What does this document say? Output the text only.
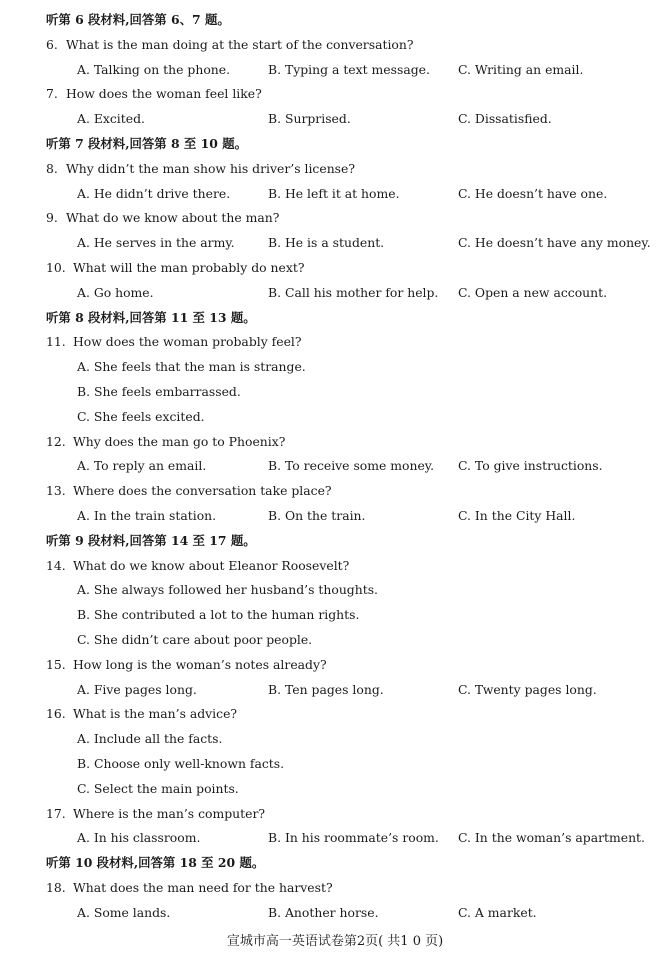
听第 6 段材料,回答第 6、7 题。
6. What is the man doing at the start of the conversation?
A. Talking on the phone.	B. Typing a text message. C. Writing an email.
7. How does the woman feel like?
A. Excited.	B. Surprised.	C. Dissatisfied.
听第 7 段材料,回答第 8 至 10 题。
8. Why didn’t the man show his driver’s license?
A. He didn’t drive there.	B. He left it at home.	C. He doesn’t have one.
9. What do we know about the man?
A. He serves in the army.	B. He is a student.	C. He doesn’t have any money.
10. What will the man probably do next?
A. Go home.	B. Call his mother for help. C. Open a new account.
听第 8 段材料,回答第 11 至 13 题。
11. How does the woman probably feel?
A. She feels that the man is strange.
B. She feels embarrassed.
C. She feels excited.
12. Why does the man go to Phoenix?
A. To reply an email.	B. To receive some money. C. To give instructions.
13. Where does the conversation take place?
A. In the train station.	B. On the train.	C. In the City Hall.
听第 9 段材料,回答第 14 至 17 题。
14. What do we know about Eleanor Roosevelt?
A. She always followed her husband’s thoughts.
B. She contributed a lot to the human rights.
C. She didn’t care about poor people.
15. How long is the woman’s notes already?
A. Five pages long.	B. Ten pages long.	C. Twenty pages long.
16. What is the man’s advice?
A. Include all the facts.
B. Choose only well-known facts.
C. Select the main points.
17. Where is the man’s computer?
A. In his classroom.	B. In his roommate’s room. C. In the woman’s apartment.
听第 10 段材料,回答第 18 至 20 题。
18. What does the man need for the harvest?
A. Some lands.	B. Another horse.	C. A market.
宣城市高一英语试卷第2页( 共1 0 页)
